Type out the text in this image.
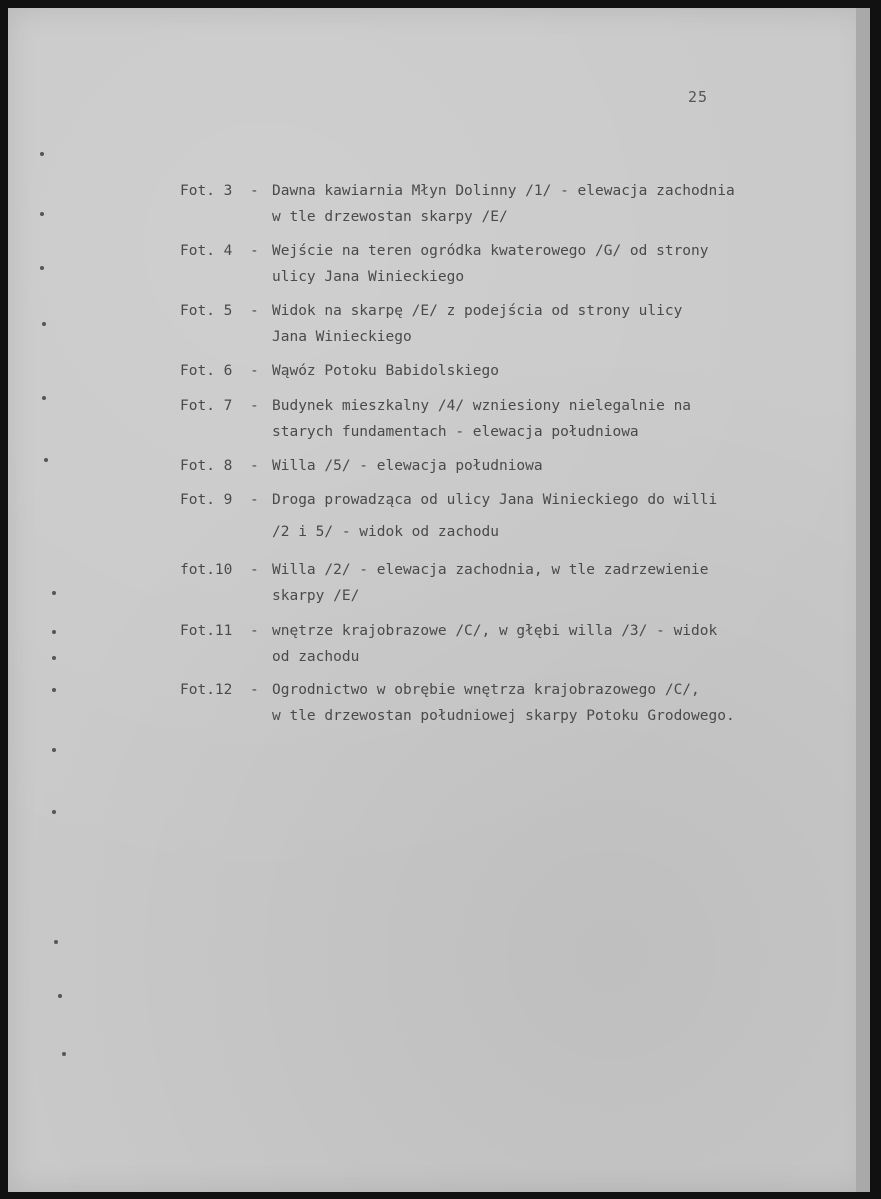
25
Fot. 3 - Dawna kawiarnia Młyn Dolinny /1/ - elewacja zachodnia
w tle drzewostan skarpy /E/
Fot. 4 - Wejście na teren ogródka kwaterowego /G/ od strony
ulicy Jana Winieckiego
Fot. 5 - Widok na skarpę /E/ z podejścia od strony ulicy
Jana Winieckiego
Fot. 6 - Wąwóz Potoku Babidolskiego
Fot. 7 - Budynek mieszkalny /4/ wzniesiony nielegalnie na
starych fundamentach - elewacja południowa
Fot. 8 - Willa /5/ - elewacja południowa
Fot. 9 - Droga prowadząca od ulicy Jana Winieckiego do willi
/2 i 5/ - widok od zachodu
fot.10 - Willa /2/ - elewacja zachodnia, w tle zadrzewienie
skarpy /E/
Fot.11 - wnętrze krajobrazowe /C/, w głębi willa /3/ - widok
od zachodu
Fot.12 - Ogrodnictwo w obrębie wnętrza krajobrazowego /C/,
w tle drzewostan południowej skarpy Potoku Grodowego.
